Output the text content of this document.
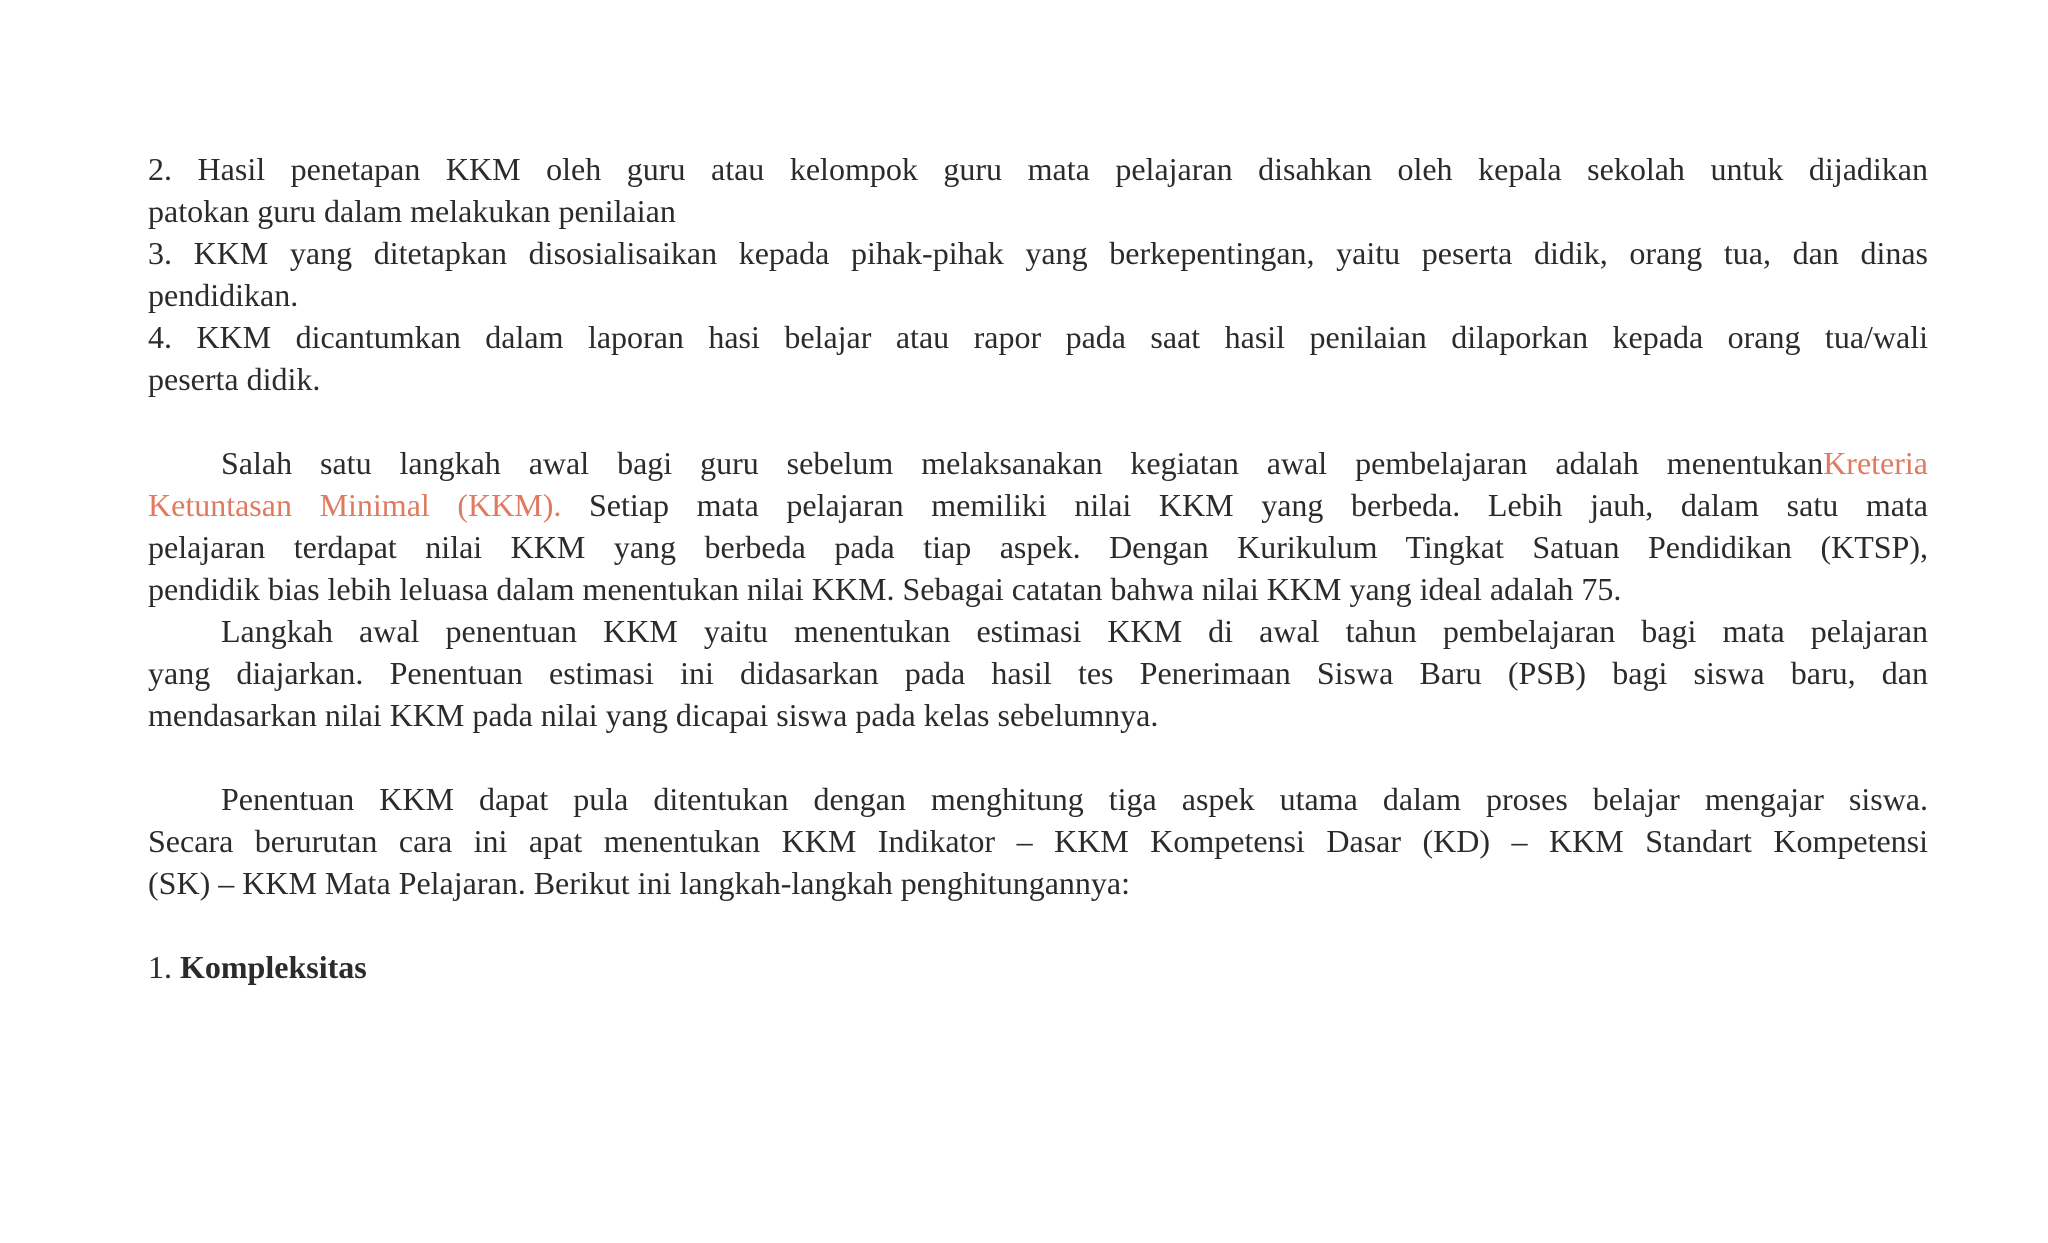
2. Hasil penetapan KKM oleh guru atau kelompok guru mata pelajaran disahkan oleh kepala sekolah untuk dijadikan
patokan guru dalam melakukan penilaian
3. KKM yang ditetapkan disosialisaikan kepada pihak-pihak yang berkepentingan, yaitu peserta didik, orang tua, dan dinas
pendidikan.
4. KKM dicantumkan dalam laporan hasi belajar atau rapor pada saat hasil penilaian dilaporkan kepada orang tua/wali
peserta didik.
Salah satu langkah awal bagi guru sebelum melaksanakan kegiatan awal pembelajaran adalah menentukanKreteria
Ketuntasan Minimal (KKM). Setiap mata pelajaran memiliki nilai KKM yang berbeda. Lebih jauh, dalam satu mata
pelajaran terdapat nilai KKM yang berbeda pada tiap aspek. Dengan Kurikulum Tingkat Satuan Pendidikan (KTSP),
pendidik bias lebih leluasa dalam menentukan nilai KKM. Sebagai catatan bahwa nilai KKM yang ideal adalah 75.
Langkah awal penentuan KKM yaitu menentukan estimasi KKM di awal tahun pembelajaran bagi mata pelajaran
yang diajarkan. Penentuan estimasi ini didasarkan pada hasil tes Penerimaan Siswa Baru (PSB) bagi siswa baru, dan
mendasarkan nilai KKM pada nilai yang dicapai siswa pada kelas sebelumnya.
Penentuan KKM dapat pula ditentukan dengan menghitung tiga aspek utama dalam proses belajar mengajar siswa.
Secara berurutan cara ini apat menentukan KKM Indikator – KKM Kompetensi Dasar (KD) – KKM Standart Kompetensi
(SK) – KKM Mata Pelajaran. Berikut ini langkah-langkah penghitungannya:
1. Kompleksitas
